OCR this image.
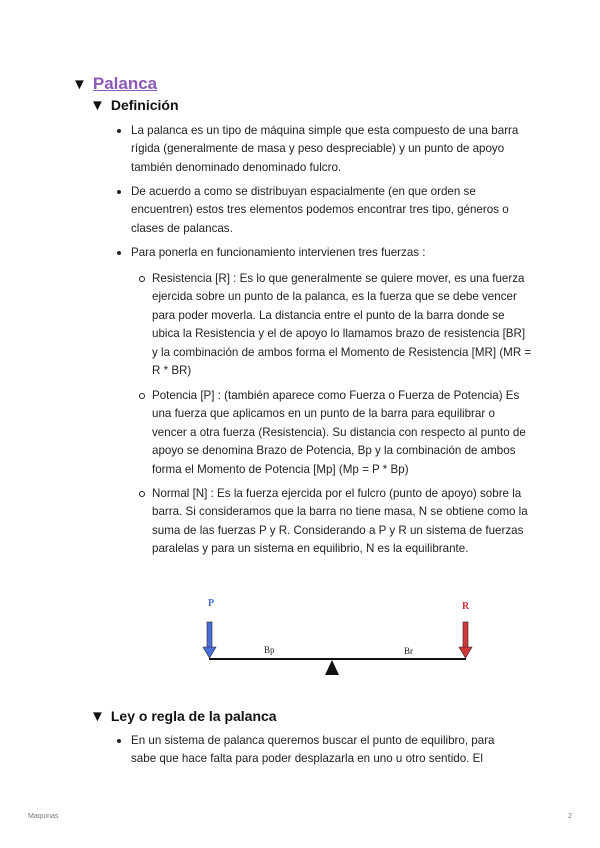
▼ Palanca
▼ Definición
La palanca es un tipo de máquina simple que esta compuesto de una barra rígida (generalmente de masa y peso despreciable) y un punto de apoyo también denominado denominado fulcro.
De acuerdo a como se distribuyan espacialmente (en que orden se encuentren) estos tres elementos podemos encontrar tres tipo, géneros o clases de palancas.
Para ponerla en funcionamiento intervienen tres fuerzas :
Resistencia [R] : Es lo que generalmente se quiere mover, es una fuerza ejercida sobre un punto de la palanca, es la fuerza que se debe vencer para poder moverla. La distancia entre el punto de la barra donde se ubica la Resistencia y el de apoyo lo llamamos brazo de resistencia [BR] y la combinación de ambos forma el Momento de Resistencia [MR] (MR = R * BR)
Potencia [P] : (también aparece como Fuerza o Fuerza de Potencia) Es una fuerza que aplicamos en un punto de la barra para equilibrar o vencer a otra fuerza (Resistencia). Su distancia con respecto al punto de apoyo se denomina Brazo de Potencia, Bp y la combinación de ambos forma el Momento de Potencia [Mp] (Mp = P * Bp)
Normal [N] : Es la fuerza ejercida por el fulcro (punto de apoyo) sobre la barra. Si consideramos que la barra no tiene masa, N se obtiene como la suma de las fuerzas P y R. Considerando a P y R un sistema de fuerzas paralelas y para un sistema en equilibrio, N es la equilibrante.
P	R
Bp	Br
▼ Ley o regla de la palanca
En un sistema de palanca queremos buscar el punto de equilibro, para sabe que hace falta para poder desplazarla en uno u otro sentido. El
Maquinas	2
